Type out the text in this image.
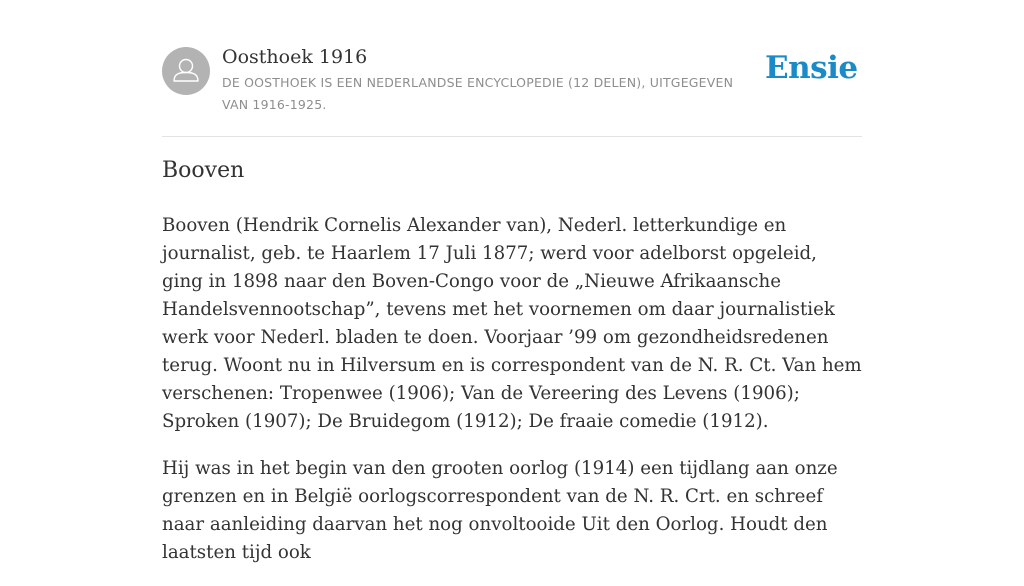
Oosthoek 1916
DE OOSTHOEK IS EEN NEDERLANDSE ENCYCLOPEDIE (12 DELEN), UITGEGEVEN VAN 1916-1925.
Ensie
Booven

Booven (Hendrik Cornelis Alexander van), Nederl. letterkundige en journalist, geb. te Haarlem 17 Juli 1877; werd voor adelborst opgeleid, ging in 1898 naar den Boven-Congo voor de „Nieuwe Afrikaansche Handelsvennootschap”, tevens met het voornemen om daar journalistiek werk voor Nederl. bladen te doen. Voorjaar ’99 om gezondheidsredenen terug. Woont nu in Hilversum en is correspondent van de N. R. Ct. Van hem verschenen: Tropenwee (1906); Van de Vereering des Levens (1906); Sproken (1907); De Bruidegom (1912); De fraaie comedie (1912).

Hij was in het begin van den grooten oorlog (1914) een tijdlang aan onze grenzen en in België oorlogscorrespondent van de N. R. Crt. en schreef naar aanleiding daarvan het nog onvoltooide Uit den Oorlog. Houdt den laatsten tijd ook
